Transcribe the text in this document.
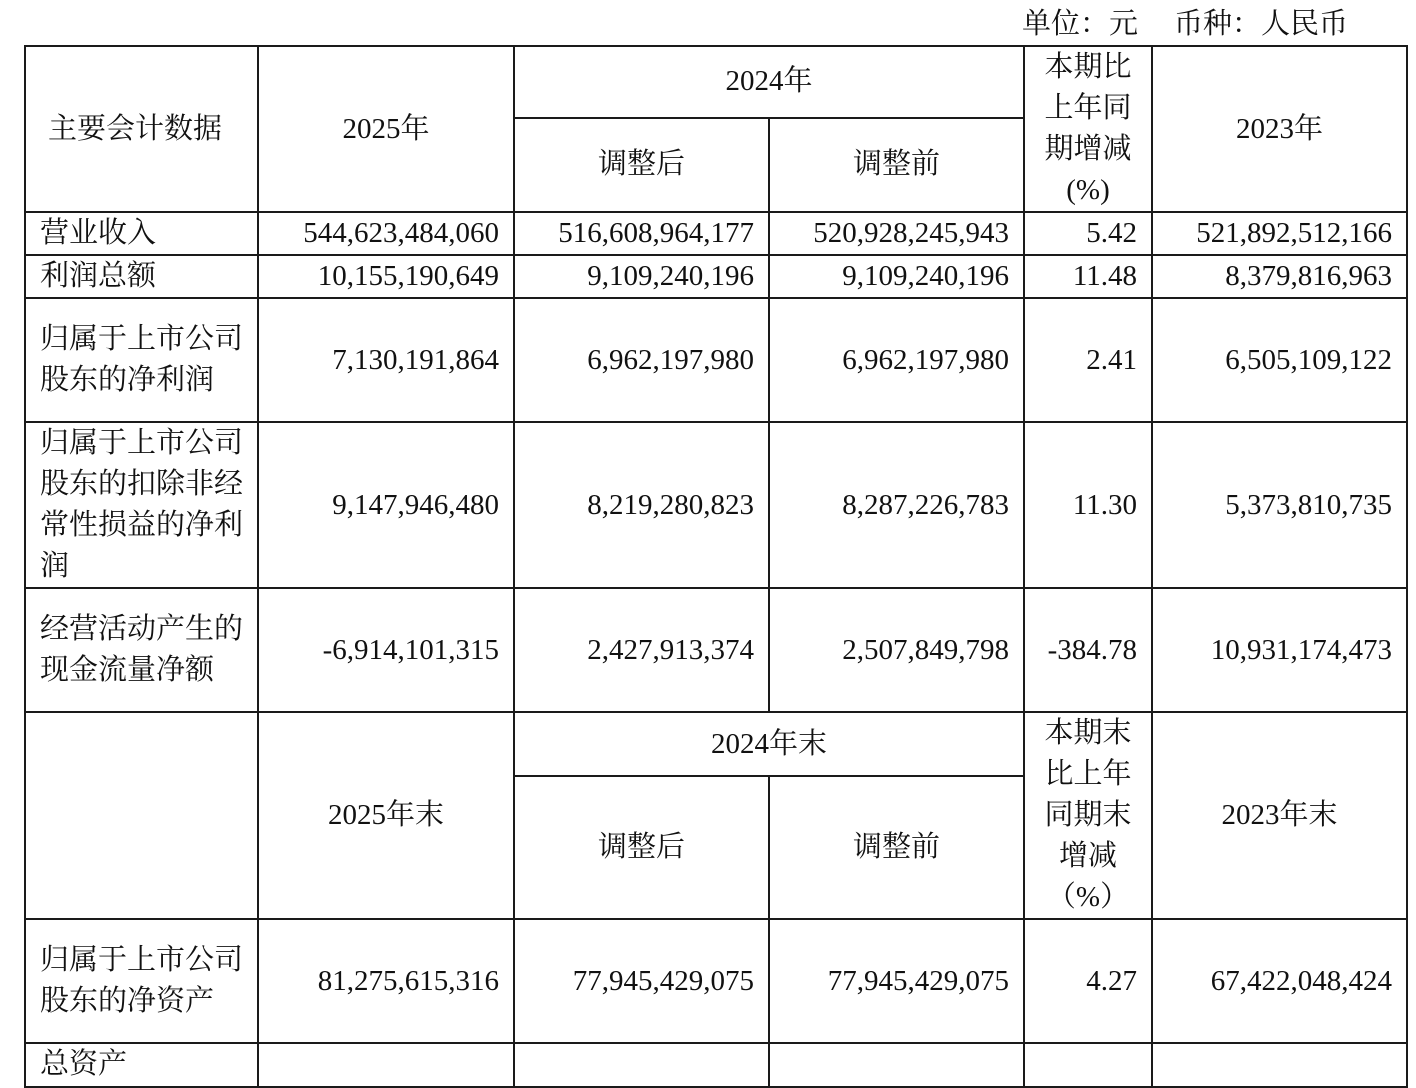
单位：元 币种：人民币
主要会计数据	2025年	2024年		本期比上年同期增减(%)	2023年
		调整后	调整前		
营业收入	544,623,484,060	516,608,964,177	520,928,245,943	5.42	521,892,512,166
利润总额	10,155,190,649	9,109,240,196	9,109,240,196	11.48	8,379,816,963
归属于上市公司股东的净利润	7,130,191,864	6,962,197,980	6,962,197,980	2.41	6,505,109,122
归属于上市公司股东的扣除非经常性损益的净利润	9,147,946,480	8,219,280,823	8,287,226,783	11.30	5,373,810,735
经营活动产生的现金流量净额	-6,914,101,315	2,427,913,374	2,507,849,798	-384.78	10,931,174,473
	2025年末	2024年末		本期末比上年同期末增减（%）	2023年末
		调整后	调整前		
归属于上市公司股东的净资产	81,275,615,316	77,945,429,075	77,945,429,075	4.27	67,422,048,424
总资产					
